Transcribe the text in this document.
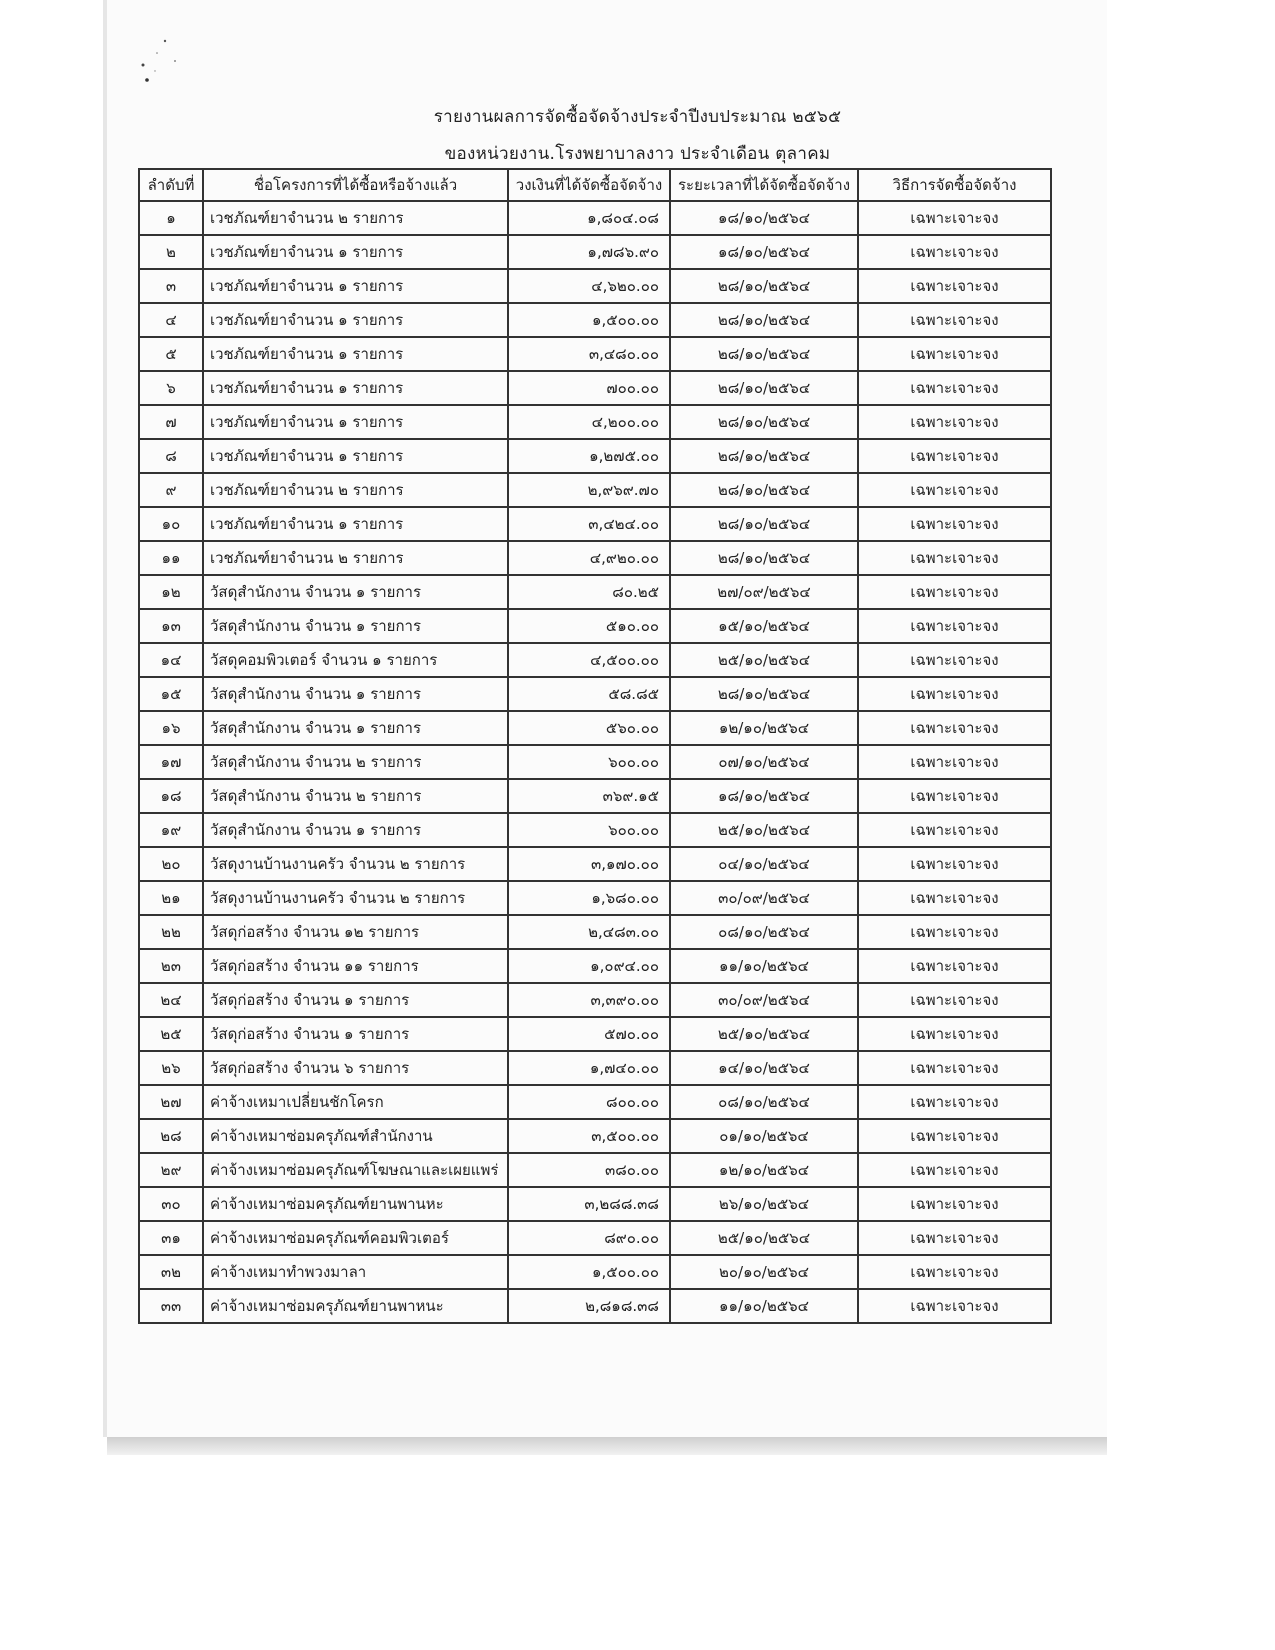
รายงานผลการจัดซื้อจัดจ้างประจำปีงบประมาณ ๒๕๖๕
ของหน่วยงาน.โรงพยาบาลงาว ประจำเดือน ตุลาคม
ลำดับที่	ชื่อโครงการที่ได้ซื้อหรือจ้างแล้ว	วงเงินที่ได้จัดซื้อจัดจ้าง	ระยะเวลาที่ได้จัดซื้อจัดจ้าง	วิธีการจัดซื้อจัดจ้าง
๑	เวชภัณฑ์ยาจำนวน ๒ รายการ	๑,๘๐๔.๐๘	๑๘/๑๐/๒๕๖๔	เฉพาะเจาะจง
๒	เวชภัณฑ์ยาจำนวน ๑ รายการ	๑,๗๘๖.๙๐	๑๘/๑๐/๒๕๖๔	เฉพาะเจาะจง
๓	เวชภัณฑ์ยาจำนวน ๑ รายการ	๔,๖๒๐.๐๐	๒๘/๑๐/๒๕๖๔	เฉพาะเจาะจง
๔	เวชภัณฑ์ยาจำนวน ๑ รายการ	๑,๕๐๐.๐๐	๒๘/๑๐/๒๕๖๔	เฉพาะเจาะจง
๕	เวชภัณฑ์ยาจำนวน ๑ รายการ	๓,๔๘๐.๐๐	๒๘/๑๐/๒๕๖๔	เฉพาะเจาะจง
๖	เวชภัณฑ์ยาจำนวน ๑ รายการ	๗๐๐.๐๐	๒๘/๑๐/๒๕๖๔	เฉพาะเจาะจง
๗	เวชภัณฑ์ยาจำนวน ๑ รายการ	๔,๒๐๐.๐๐	๒๘/๑๐/๒๕๖๔	เฉพาะเจาะจง
๘	เวชภัณฑ์ยาจำนวน ๑ รายการ	๑,๒๗๕.๐๐	๒๘/๑๐/๒๕๖๔	เฉพาะเจาะจง
๙	เวชภัณฑ์ยาจำนวน ๒ รายการ	๒,๙๖๙.๗๐	๒๘/๑๐/๒๕๖๔	เฉพาะเจาะจง
๑๐	เวชภัณฑ์ยาจำนวน ๑ รายการ	๓,๔๒๔.๐๐	๒๘/๑๐/๒๕๖๔	เฉพาะเจาะจง
๑๑	เวชภัณฑ์ยาจำนวน ๒ รายการ	๔,๙๒๐.๐๐	๒๘/๑๐/๒๕๖๔	เฉพาะเจาะจง
๑๒	วัสดุสำนักงาน จำนวน ๑ รายการ	๘๐.๒๕	๒๗/๐๙/๒๕๖๔	เฉพาะเจาะจง
๑๓	วัสดุสำนักงาน จำนวน ๑ รายการ	๕๑๐.๐๐	๑๕/๑๐/๒๕๖๔	เฉพาะเจาะจง
๑๔	วัสดุคอมพิวเตอร์ จำนวน ๑ รายการ	๔,๕๐๐.๐๐	๒๕/๑๐/๒๕๖๔	เฉพาะเจาะจง
๑๕	วัสดุสำนักงาน จำนวน ๑ รายการ	๕๘.๘๕	๒๘/๑๐/๒๕๖๔	เฉพาะเจาะจง
๑๖	วัสดุสำนักงาน จำนวน ๑ รายการ	๕๖๐.๐๐	๑๒/๑๐/๒๕๖๔	เฉพาะเจาะจง
๑๗	วัสดุสำนักงาน จำนวน ๒ รายการ	๖๐๐.๐๐	๐๗/๑๐/๒๕๖๔	เฉพาะเจาะจง
๑๘	วัสดุสำนักงาน จำนวน ๒ รายการ	๓๖๙.๑๕	๑๘/๑๐/๒๕๖๔	เฉพาะเจาะจง
๑๙	วัสดุสำนักงาน จำนวน ๑ รายการ	๖๐๐.๐๐	๒๕/๑๐/๒๕๖๔	เฉพาะเจาะจง
๒๐	วัสดุงานบ้านงานครัว จำนวน ๒ รายการ	๓,๑๗๐.๐๐	๐๔/๑๐/๒๕๖๔	เฉพาะเจาะจง
๒๑	วัสดุงานบ้านงานครัว จำนวน ๒ รายการ	๑,๖๘๐.๐๐	๓๐/๐๙/๒๕๖๔	เฉพาะเจาะจง
๒๒	วัสดุก่อสร้าง จำนวน ๑๒ รายการ	๒,๔๘๓.๐๐	๐๘/๑๐/๒๕๖๔	เฉพาะเจาะจง
๒๓	วัสดุก่อสร้าง จำนวน ๑๑ รายการ	๑,๐๙๔.๐๐	๑๑/๑๐/๒๕๖๔	เฉพาะเจาะจง
๒๔	วัสดุก่อสร้าง จำนวน ๑ รายการ	๓,๓๙๐.๐๐	๓๐/๐๙/๒๕๖๔	เฉพาะเจาะจง
๒๕	วัสดุก่อสร้าง จำนวน ๑ รายการ	๕๗๐.๐๐	๒๕/๑๐/๒๕๖๔	เฉพาะเจาะจง
๒๖	วัสดุก่อสร้าง จำนวน ๖ รายการ	๑,๗๔๐.๐๐	๑๔/๑๐/๒๕๖๔	เฉพาะเจาะจง
๒๗	ค่าจ้างเหมาเปลี่ยนชักโครก	๘๐๐.๐๐	๐๘/๑๐/๒๕๖๔	เฉพาะเจาะจง
๒๘	ค่าจ้างเหมาซ่อมครุภัณฑ์สำนักงาน	๓,๕๐๐.๐๐	๐๑/๑๐/๒๕๖๔	เฉพาะเจาะจง
๒๙	ค่าจ้างเหมาซ่อมครุภัณฑ์โฆษณาและเผยแพร่	๓๘๐.๐๐	๑๒/๑๐/๒๕๖๔	เฉพาะเจาะจง
๓๐	ค่าจ้างเหมาซ่อมครุภัณฑ์ยานพานหะ	๓,๒๘๘.๓๘	๒๖/๑๐/๒๕๖๔	เฉพาะเจาะจง
๓๑	ค่าจ้างเหมาซ่อมครุภัณฑ์คอมพิวเตอร์	๘๙๐.๐๐	๒๕/๑๐/๒๕๖๔	เฉพาะเจาะจง
๓๒	ค่าจ้างเหมาทำพวงมาลา	๑,๕๐๐.๐๐	๒๐/๑๐/๒๕๖๔	เฉพาะเจาะจง
๓๓	ค่าจ้างเหมาซ่อมครุภัณฑ์ยานพาหนะ	๒,๘๑๘.๓๘	๑๑/๑๐/๒๕๖๔	เฉพาะเจาะจง
